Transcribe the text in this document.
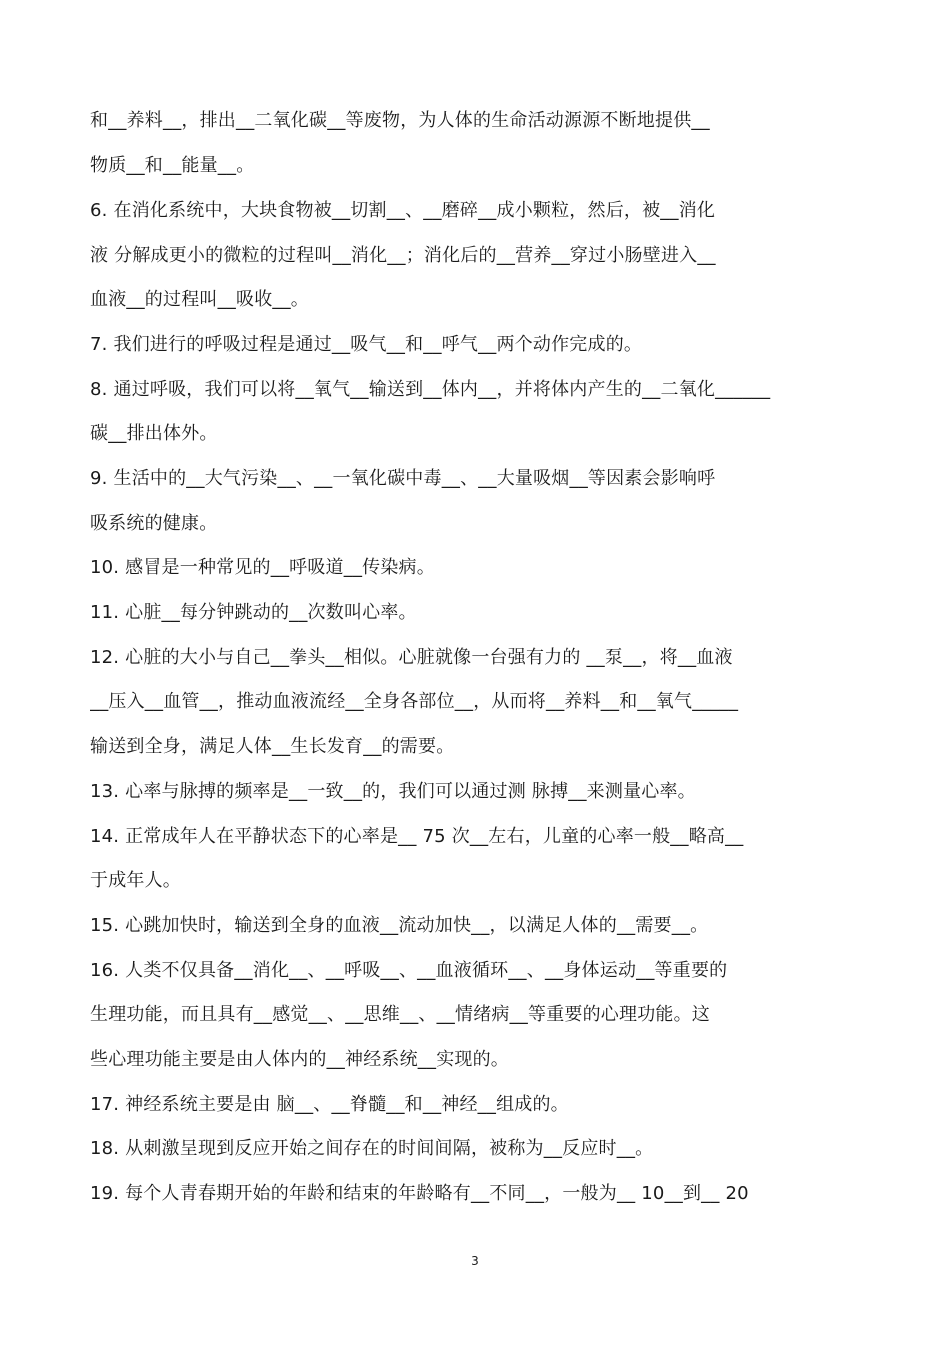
和__养料__，排出__二氧化碳__等废物，为人体的生命活动源源不断地提供__
物质__和__能量__。
6. 在消化系统中，大块食物被__切割__、__磨碎__成小颗粒，然后，被__消化
液 分解成更小的微粒的过程叫__消化__；消化后的__营养__穿过小肠壁进入__
血液__的过程叫__吸收__。
7. 我们进行的呼吸过程是通过__吸气__和__呼气__两个动作完成的。
8. 通过呼吸，我们可以将__氧气__输送到__体内__，并将体内产生的__二氧化______
碳__排出体外。
9. 生活中的__大气污染__、__一氧化碳中毒__、__大量吸烟__等因素会影响呼
吸系统的健康。
10. 感冒是一种常见的__呼吸道__传染病。
11. 心脏__每分钟跳动的__次数叫心率。
12. 心脏的大小与自己__拳头__相似。心脏就像一台强有力的 __泵__，将__血液
__压入__血管__，推动血液流经__全身各部位__，从而将__养料__和__氧气_____
输送到全身，满足人体__生长发育__的需要。
13. 心率与脉搏的频率是__一致__的，我们可以通过测 脉搏__来测量心率。
14. 正常成年人在平静状态下的心率是__ 75 次__左右，儿童的心率一般__略高__
于成年人。
15. 心跳加快时，输送到全身的血液__流动加快__，以满足人体的__需要__。
16. 人类不仅具备__消化__、__呼吸__、__血液循环__、__身体运动__等重要的
生理功能，而且具有__感觉__、__思维__、__情绪病__等重要的心理功能。这
些心理功能主要是由人体内的__神经系统__实现的。
17. 神经系统主要是由 脑__、__脊髓__和__神经__组成的。
18. 从刺激呈现到反应开始之间存在的时间间隔，被称为__反应时__。
19. 每个人青春期开始的年龄和结束的年龄略有__不同__，一般为__ 10__到__ 20
3
